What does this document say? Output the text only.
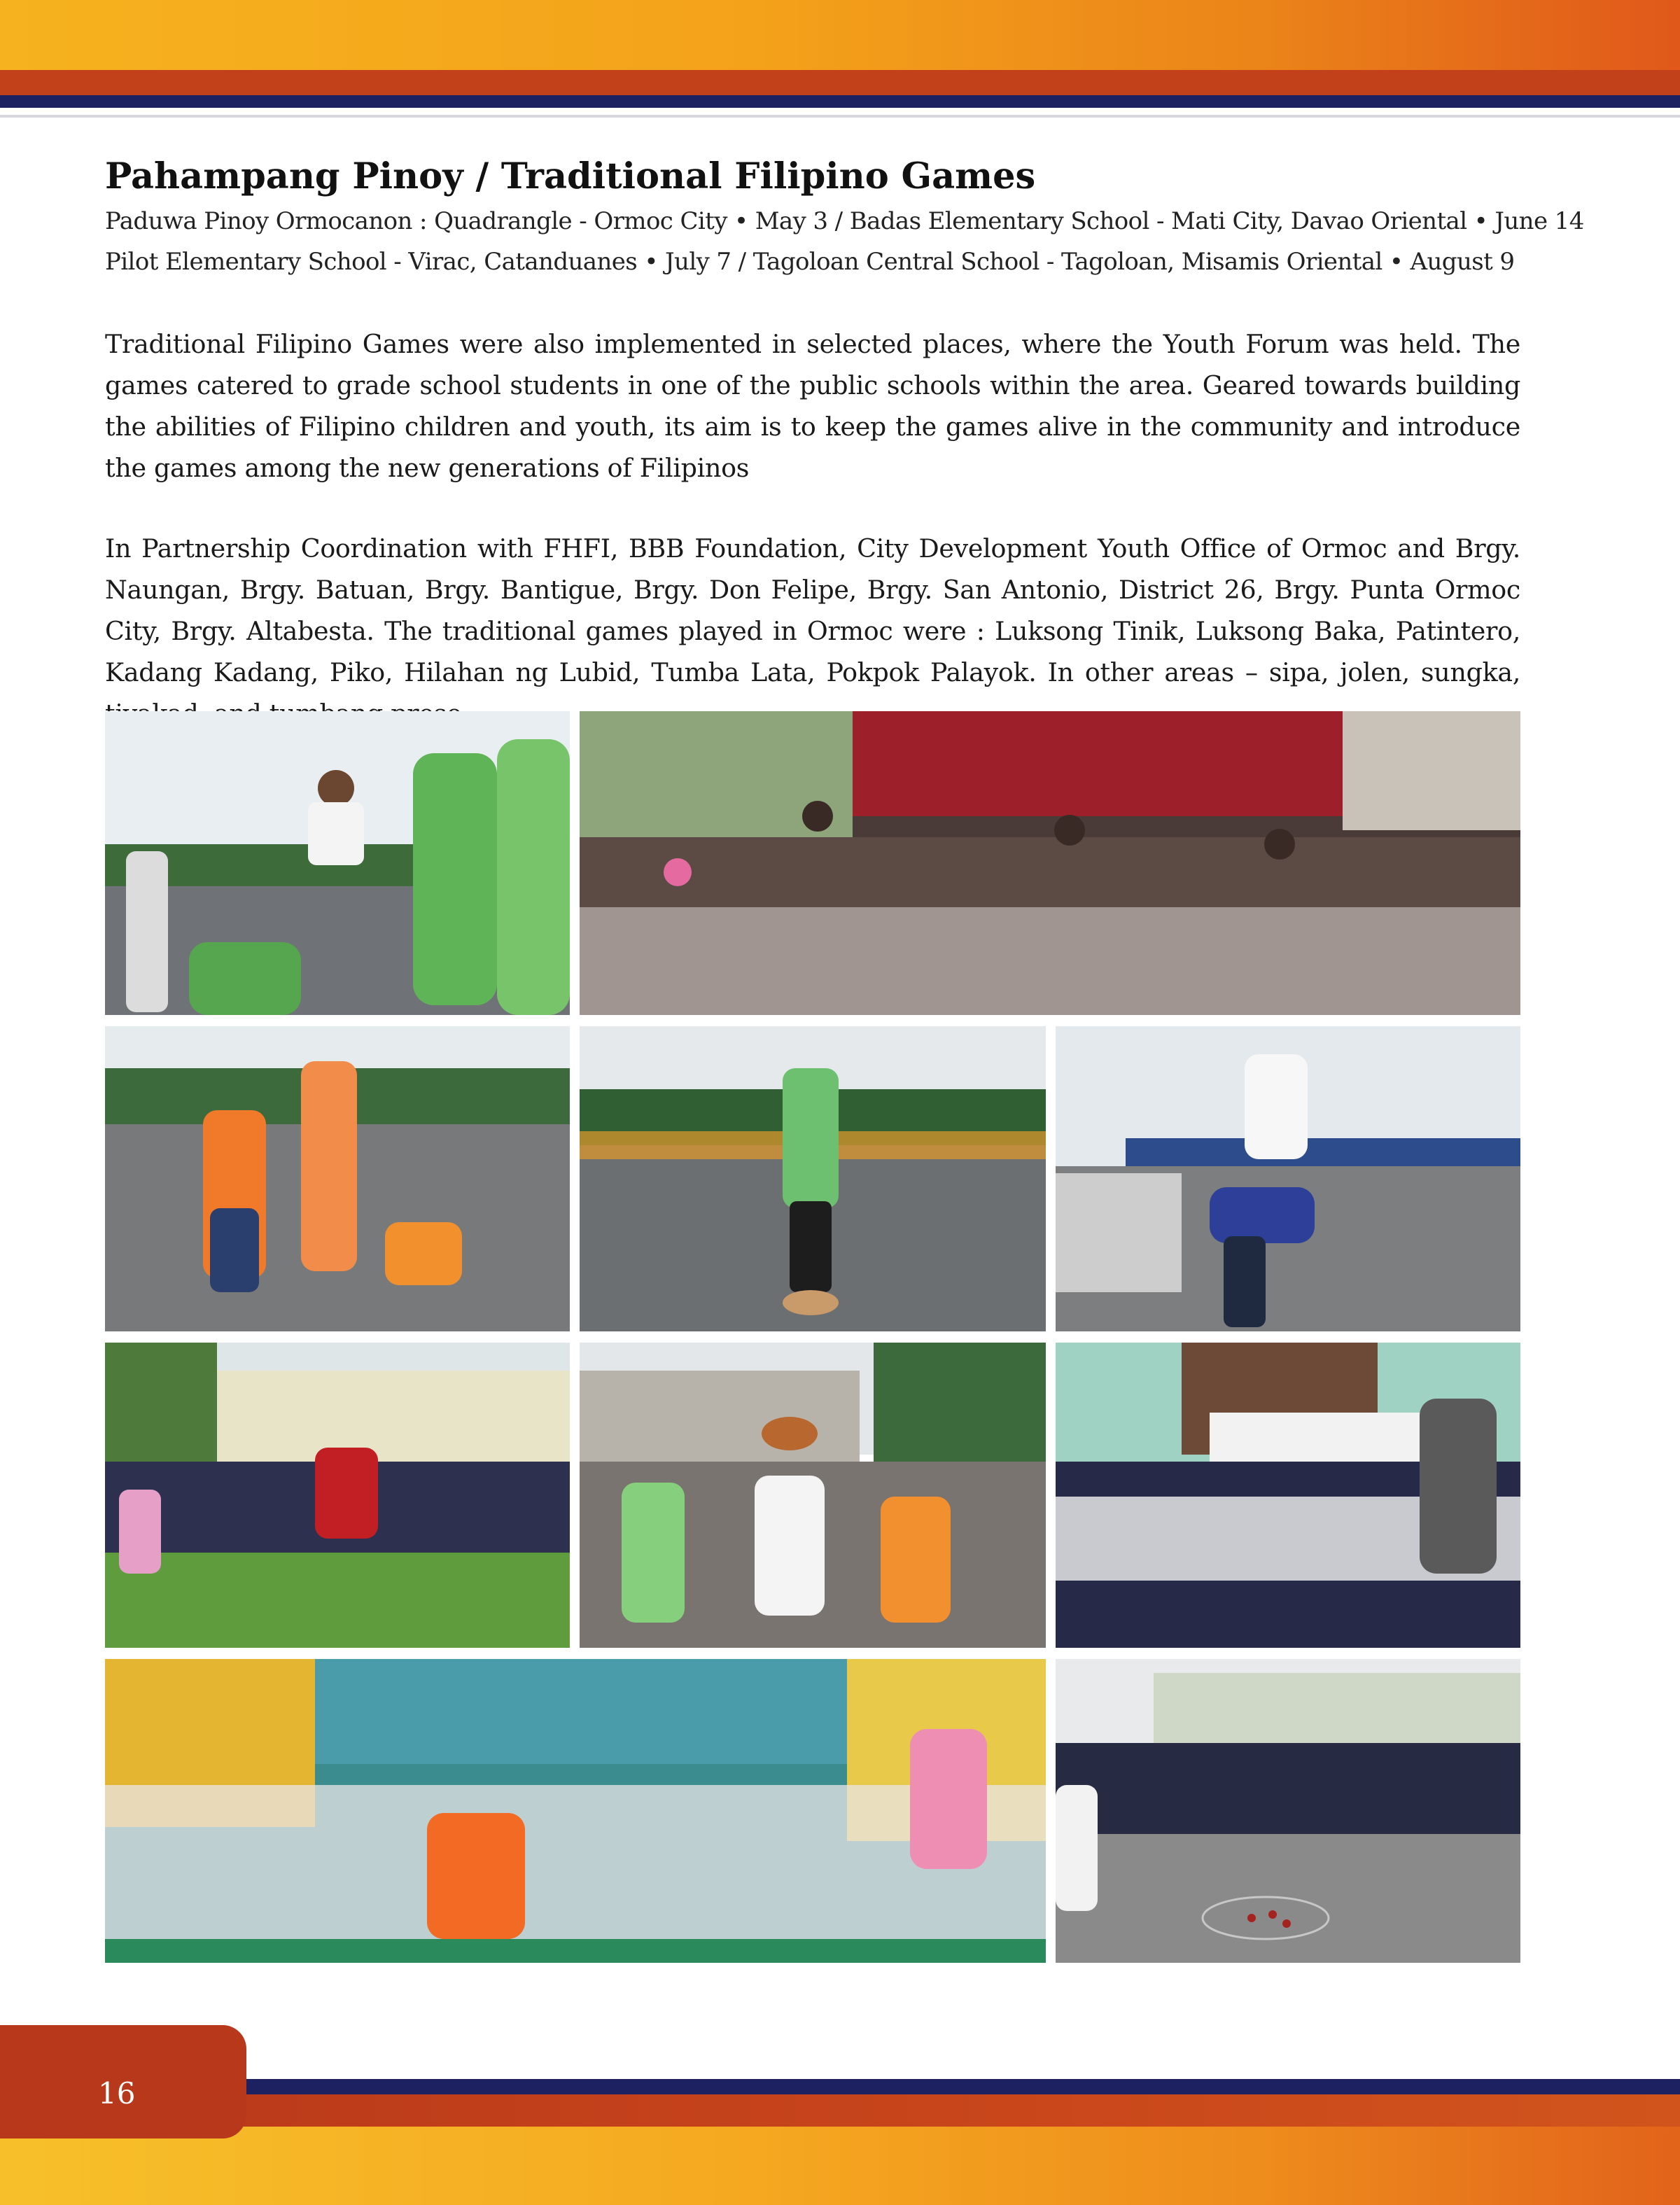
Pahampang Pinoy / Traditional Filipino Games
Paduwa Pinoy Ormocanon : Quadrangle - Ormoc City • May 3 / Badas Elementary School - Mati City, Davao Oriental • June 14
Pilot Elementary School - Virac, Catanduanes • July 7 / Tagoloan Central School - Tagoloan, Misamis Oriental • August 9

Traditional Filipino Games were also implemented in selected places, where the Youth Forum was held. The games catered to grade school students in one of the public schools within the area. Geared towards building the abilities of Filipino children and youth, its aim is to keep the games alive in the community and introduce the games among the new generations of Filipinos

In Partnership Coordination with FHFI, BBB Foundation, City Development Youth Office of Ormoc and Brgy. Naungan, Brgy. Batuan, Brgy. Bantigue, Brgy. Don Felipe, Brgy. San Antonio, District 26, Brgy. Punta Ormoc City, Brgy. Altabesta. The traditional games played in Ormoc were : Luksong Tinik, Luksong Baka, Patintero, Kadang Kadang, Piko, Hilahan ng Lubid, Tumba Lata, Pokpok Palayok. In other areas – sipa, jolen, sungka,

16
